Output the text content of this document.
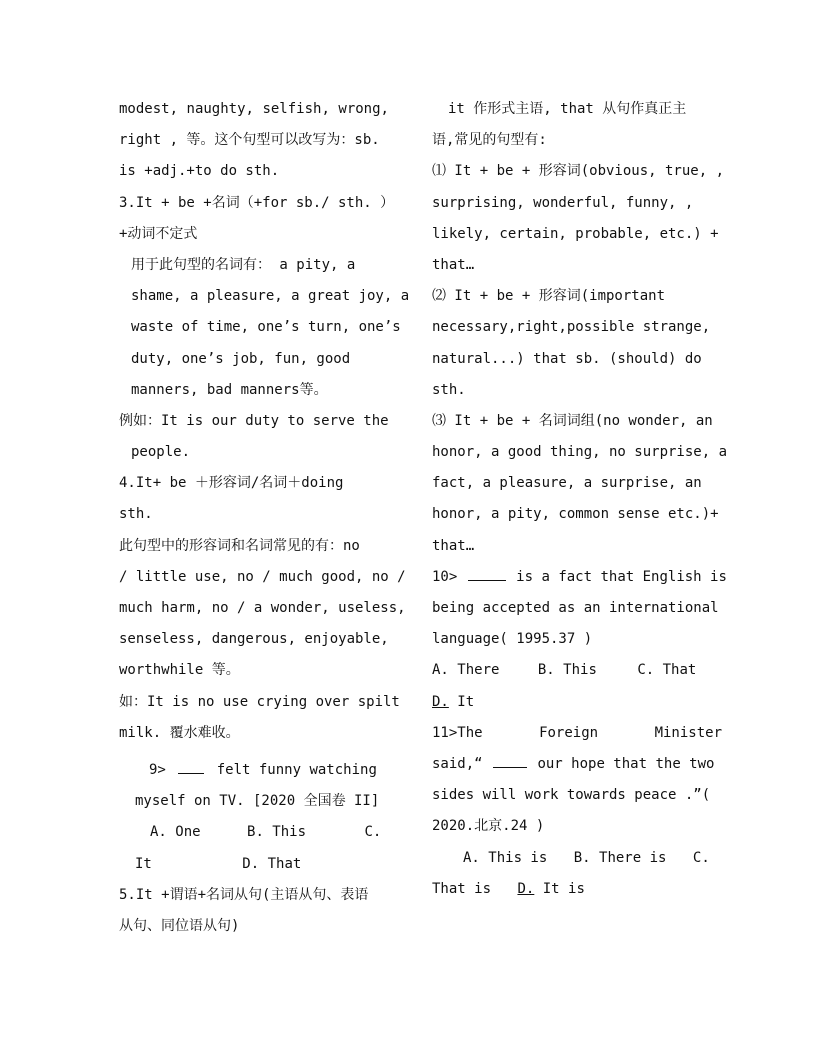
modest, naughty, selfish, wrong,
right , 等。这个句型可以改写为：sb.
is +adj.+to do sth.
3.It + be +名词（+for sb./ sth. ）
+动词不定式
用于此句型的名词有： a pity, a
shame, a pleasure, a great joy, a
waste of time, one’s turn, one’s
duty, one’s job, fun, good
manners, bad manners等。
例如：It is our duty to serve the
people.
4.It+ be ＋形容词/名词＋doing
sth.
此句型中的形容词和名词常见的有：no
/ little use, no / much good, no /
much harm, no / a wonder, useless,
senseless, dangerous, enjoyable,
worthwhile 等。
如：It is no use crying over spilt
milk. 覆水难收。
9>	felt funny watching
myself on TV. [2020 全国卷 II]
A. One	B. This	C.
It	D. That
5.It +谓语+名词从句(主语从句、表语
从句、同位语从句)
it 作形式主语, that 从句作真正主
语,常见的句型有:
⑴ It + be + 形容词(obvious, true, ,
surprising, wonderful, funny, ,
likely, certain, probable, etc.) +
that…
⑵ It + be + 形容词(important
necessary,right,possible strange,
natural...) that sb. (should) do
sth.
⑶ It + be + 名词词组(no wonder, an
honor, a good thing, no surprise, a
fact, a pleasure, a surprise, an
honor, a pity, common sense etc.)+
that…
10>	is a fact that English is
being accepted as an international
language( 1995.37 )
A. There	B. This	C. That
D. It
11>The	Foreign	Minister
said,“	our hope that the two
sides will work towards peace .”(
2020.北京.24 )
A. This is B. There is C.
That is D. It is
